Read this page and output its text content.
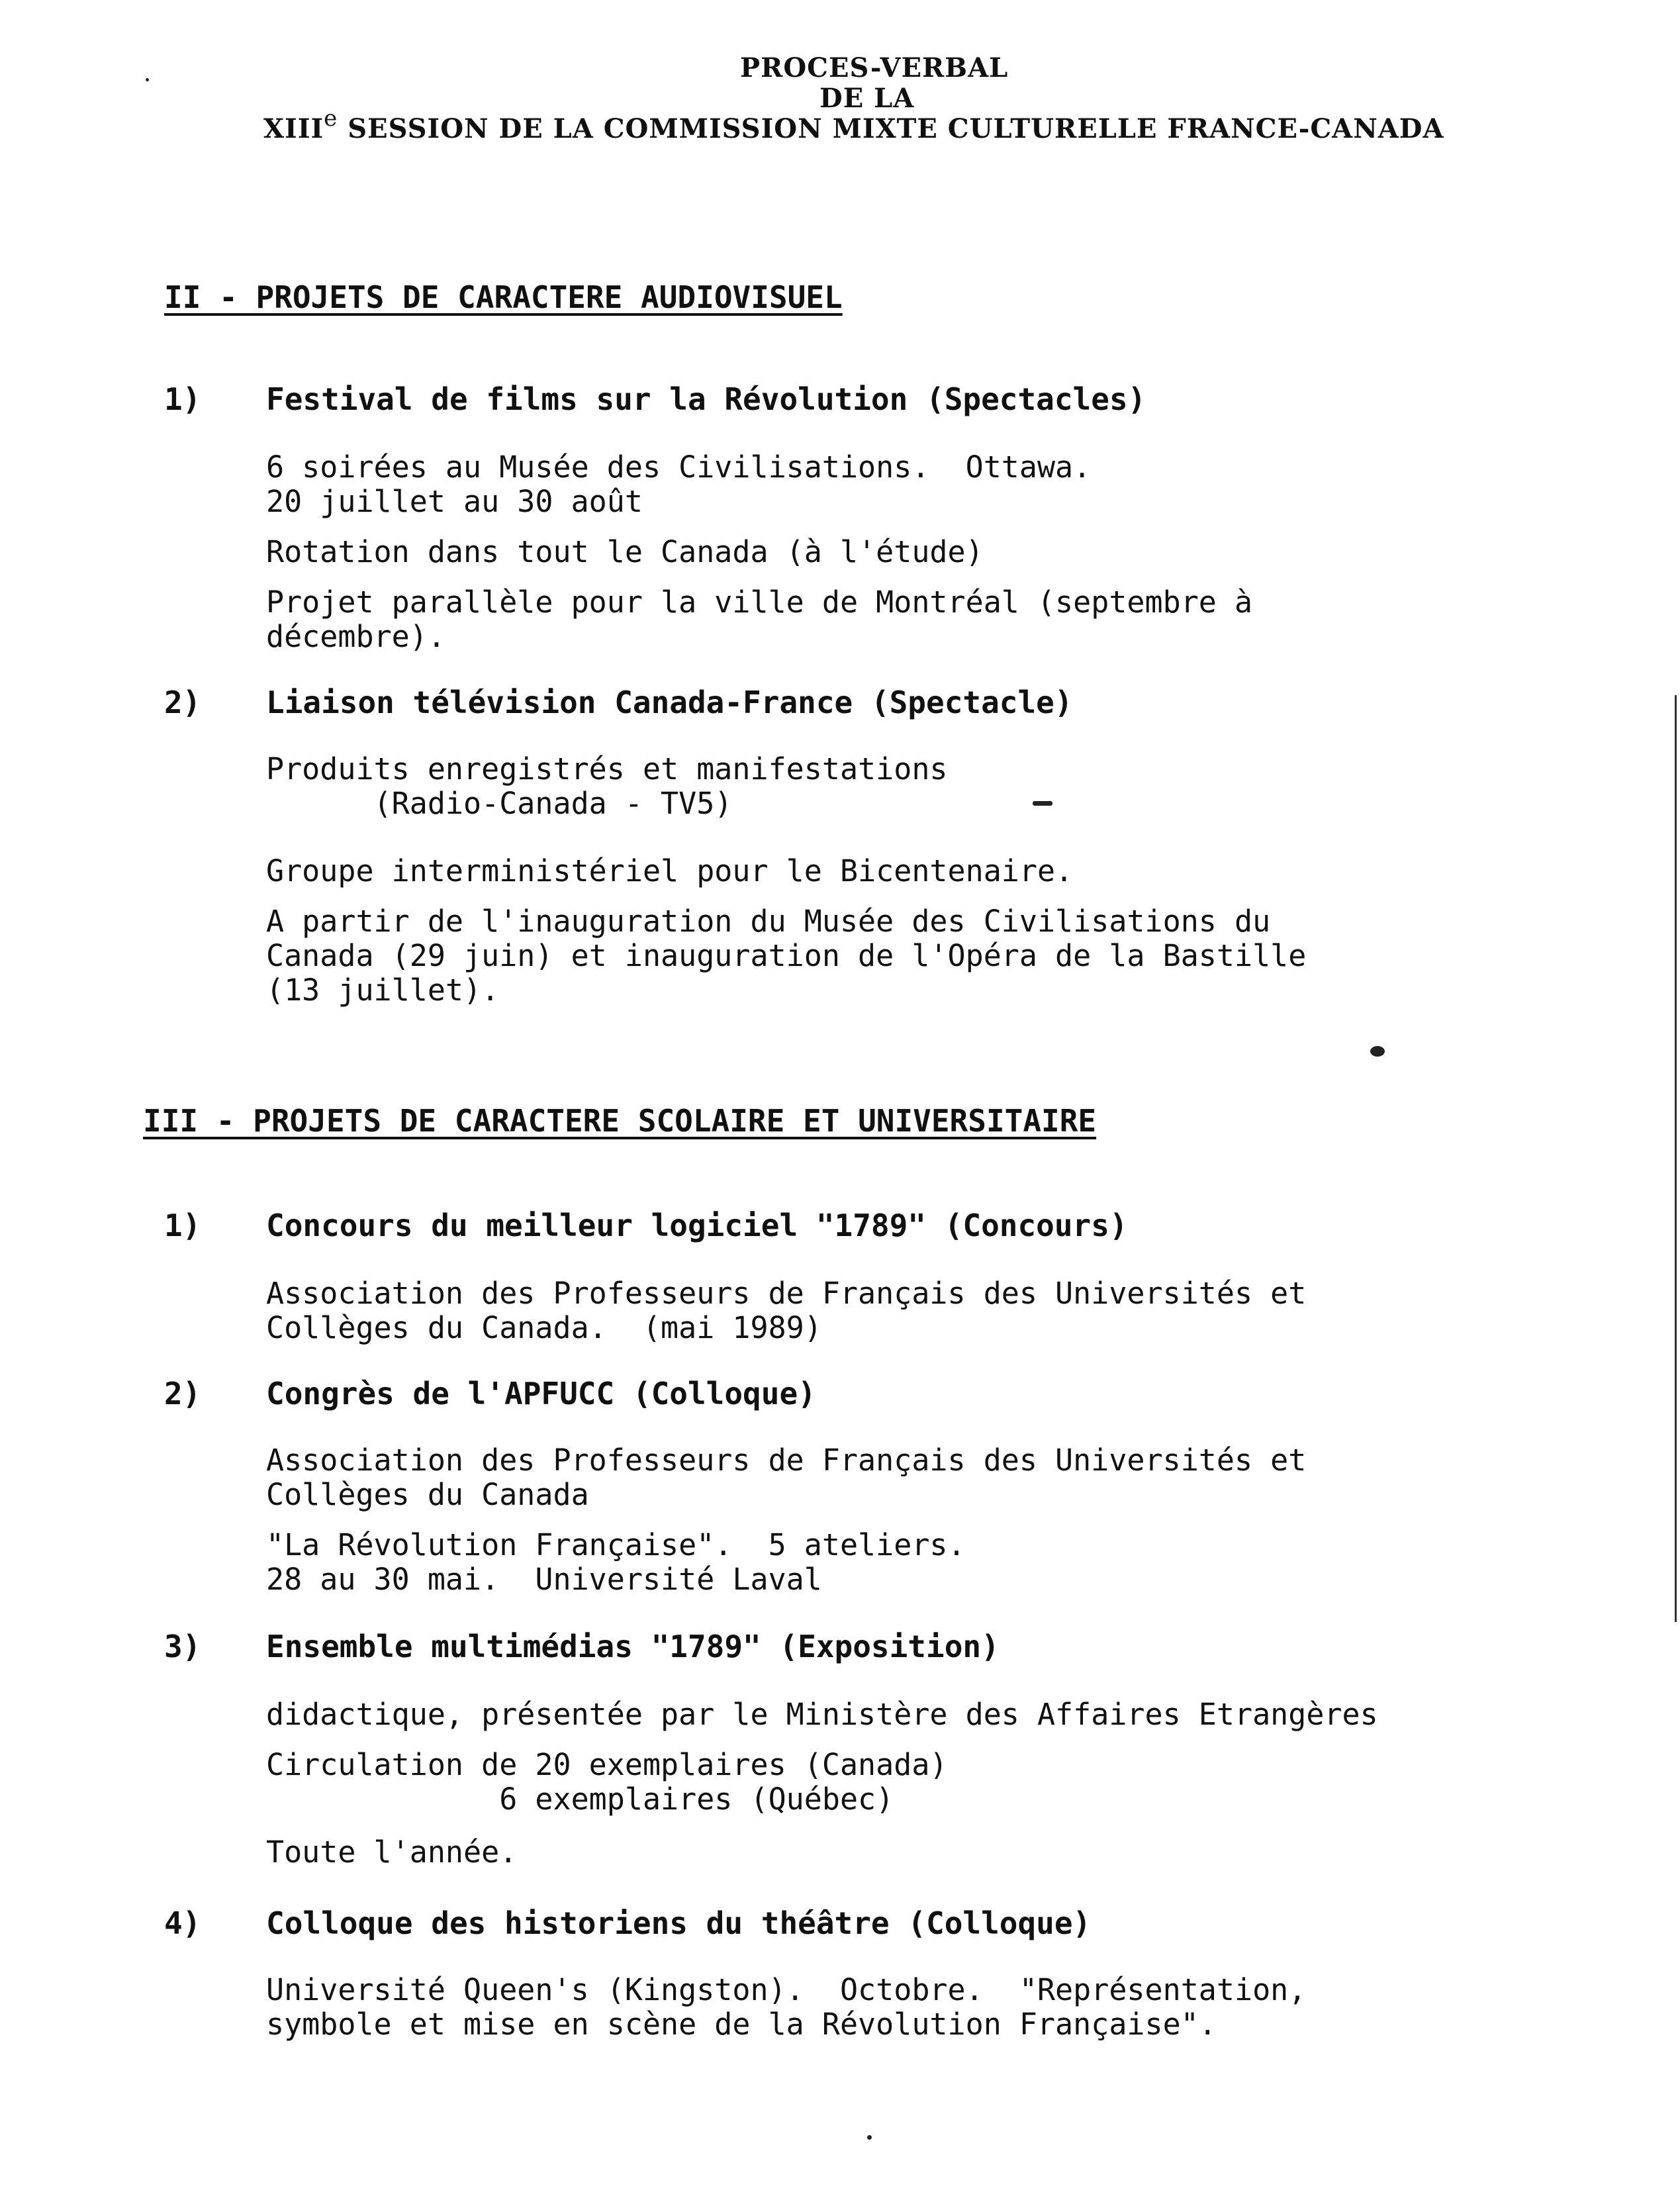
PROCES-VERBAL
DE LA
XIIIe SESSION DE LA COMMISSION MIXTE CULTURELLE FRANCE-CANADA
II - PROJETS DE CARACTERE AUDIOVISUEL
1) Festival de films sur la Révolution (Spectacles)
6 soirées au Musée des Civilisations.  Ottawa.
20 juillet au 30 août
Rotation dans tout le Canada (à l'étude)
Projet parallèle pour la ville de Montréal (septembre à
décembre).
2) Liaison télévision Canada-France (Spectacle)
Produits enregistrés et manifestations
(Radio-Canada - TV5)
Groupe interministériel pour le Bicentenaire.
A partir de l'inauguration du Musée des Civilisations du
Canada (29 juin) et inauguration de l'Opéra de la Bastille
(13 juillet).
III - PROJETS DE CARACTERE SCOLAIRE ET UNIVERSITAIRE
1) Concours du meilleur logiciel "1789" (Concours)
Association des Professeurs de Français des Universités et
Collèges du Canada.  (mai 1989)
2) Congrès de l'APFUCC (Colloque)
Association des Professeurs de Français des Universités et
Collèges du Canada
"La Révolution Française".  5 ateliers.
28 au 30 mai.  Université Laval
3) Ensemble multimédias "1789" (Exposition)
didactique, présentée par le Ministère des Affaires Etrangères
Circulation de 20 exemplaires (Canada)
6 exemplaires (Québec)
Toute l'année.
4) Colloque des historiens du théâtre (Colloque)
Université Queen's (Kingston).  Octobre.  "Représentation,
symbole et mise en scène de la Révolution Française".
